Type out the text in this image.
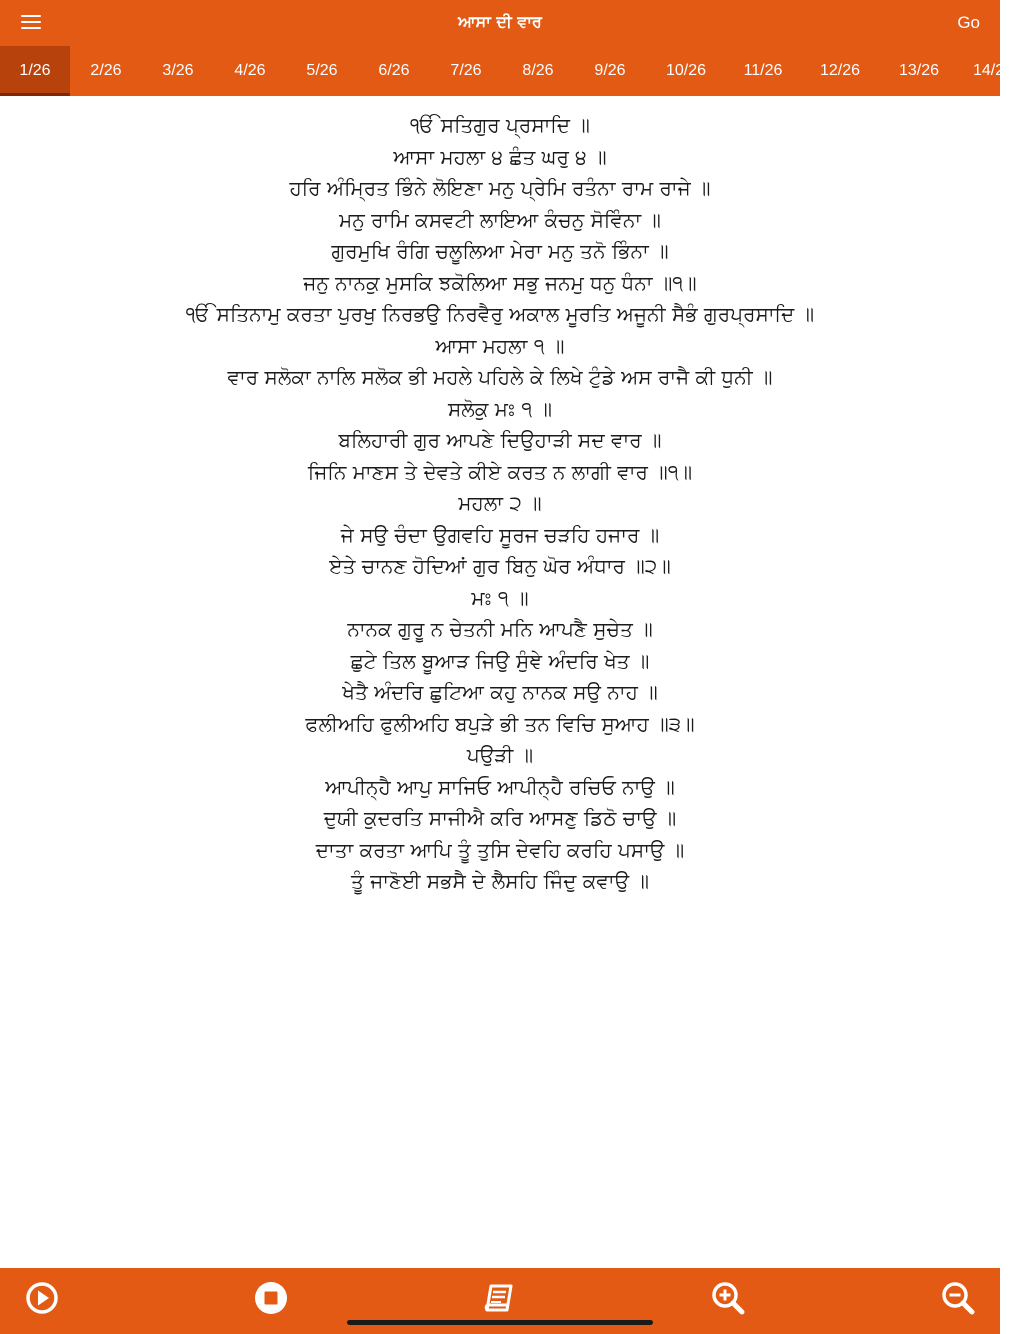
ਆਸਾ ਦੀ ਵਾਰ	Go
1/26	2/26	3/26	4/26	5/26	6/26	7/26	8/26	9/26	10/26	11/26	12/26	13/26	14/26
ੴ ਸਤਿਗੁਰ ਪ੍ਰਸਾਦਿ ॥
ਆਸਾ ਮਹਲਾ ੪ ਛੰਤ ਘਰੁ ੪ ॥
ਹਰਿ ਅੰਮ੍ਰਿਤ ਭਿੰਨੇ ਲੋਇਣਾ ਮਨੁ ਪ੍ਰੇਮਿ ਰਤੰਨਾ ਰਾਮ ਰਾਜੇ ॥
ਮਨੁ ਰਾਮਿ ਕਸਵਟੀ ਲਾਇਆ ਕੰਚਨੁ ਸੋਵਿੰਨਾ ॥
ਗੁਰਮੁਖਿ ਰੰਗਿ ਚਲੂਲਿਆ ਮੇਰਾ ਮਨੁ ਤਨੋ ਭਿੰਨਾ ॥
ਜਨੁ ਨਾਨਕੁ ਮੁਸਕਿ ਝਕੋਲਿਆ ਸਭੁ ਜਨਮੁ ਧਨੁ ਧੰਨਾ ॥੧॥
ੴ ਸਤਿਨਾਮੁ ਕਰਤਾ ਪੁਰਖੁ ਨਿਰਭਉ ਨਿਰਵੈਰੁ ਅਕਾਲ ਮੂਰਤਿ ਅਜੂਨੀ ਸੈਭੰ ਗੁਰਪ੍ਰਸਾਦਿ ॥
ਆਸਾ ਮਹਲਾ ੧ ॥
ਵਾਰ ਸਲੋਕਾ ਨਾਲਿ ਸਲੋਕ ਭੀ ਮਹਲੇ ਪਹਿਲੇ ਕੇ ਲਿਖੇ ਟੁੰਡੇ ਅਸ ਰਾਜੈ ਕੀ ਧੁਨੀ ॥
ਸਲੋਕੁ ਮਃ ੧ ॥
ਬਲਿਹਾਰੀ ਗੁਰ ਆਪਣੇ ਦਿਉਹਾੜੀ ਸਦ ਵਾਰ ॥
ਜਿਨਿ ਮਾਣਸ ਤੇ ਦੇਵਤੇ ਕੀਏ ਕਰਤ ਨ ਲਾਗੀ ਵਾਰ ॥੧॥
ਮਹਲਾ ੨ ॥
ਜੇ ਸਉ ਚੰਦਾ ਉਗਵਹਿ ਸੂਰਜ ਚੜਹਿ ਹਜਾਰ ॥
ਏਤੇ ਚਾਨਣ ਹੋਦਿਆਂ ਗੁਰ ਬਿਨੁ ਘੋਰ ਅੰਧਾਰ ॥੨॥
ਮਃ ੧ ॥
ਨਾਨਕ ਗੁਰੂ ਨ ਚੇਤਨੀ ਮਨਿ ਆਪਣੈ ਸੁਚੇਤ ॥
ਛੁਟੇ ਤਿਲ ਬੂਆੜ ਜਿਉ ਸੁੰਞੇ ਅੰਦਰਿ ਖੇਤ ॥
ਖੇਤੈ ਅੰਦਰਿ ਛੁਟਿਆ ਕਹੁ ਨਾਨਕ ਸਉ ਨਾਹ ॥
ਫਲੀਅਹਿ ਫੁਲੀਅਹਿ ਬਪੁੜੇ ਭੀ ਤਨ ਵਿਚਿ ਸੁਆਹ ॥੩॥
ਪਉੜੀ ॥
ਆਪੀਨ੍ਹੈ ਆਪੁ ਸਾਜਿਓ ਆਪੀਨ੍ਹੈ ਰਚਿਓ ਨਾਉ ॥
ਦੁਯੀ ਕੁਦਰਤਿ ਸਾਜੀਐ ਕਰਿ ਆਸਣੁ ਡਿਠੋ ਚਾਉ ॥
ਦਾਤਾ ਕਰਤਾ ਆਪਿ ਤੂੰ ਤੁਸਿ ਦੇਵਹਿ ਕਰਹਿ ਪਸਾਉ ॥
ਤੂੰ ਜਾਣੋਈ ਸਭਸੈ ਦੇ ਲੈਸਹਿ ਜਿੰਦੁ ਕਵਾਉ ॥
